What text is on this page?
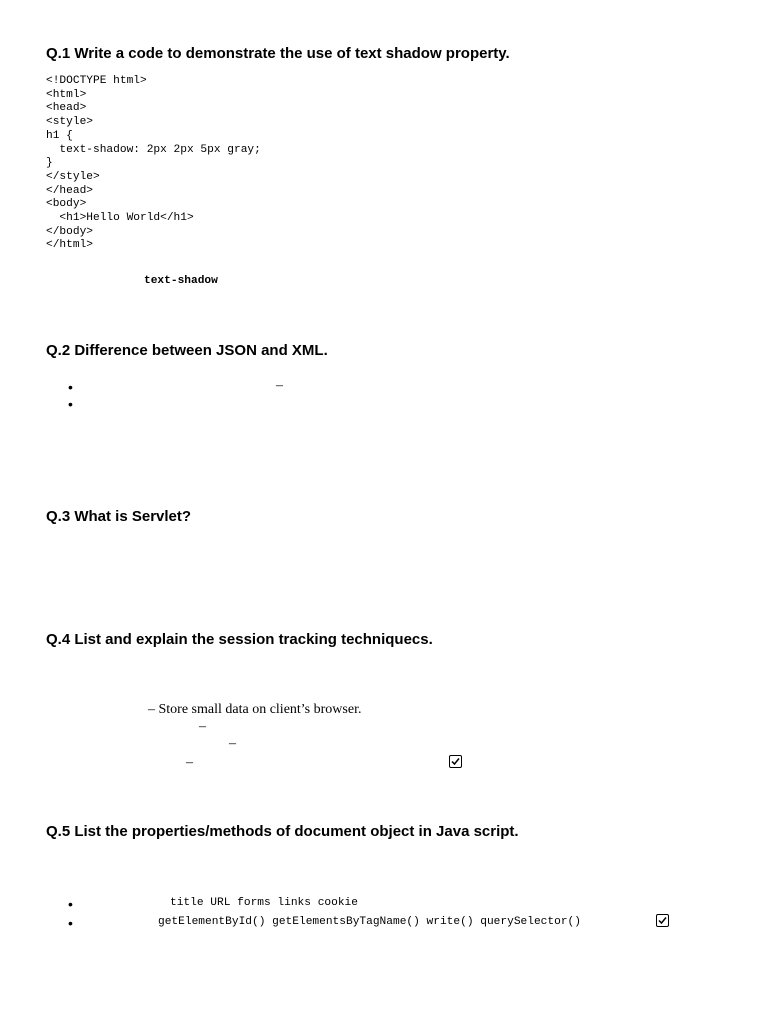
Q.1 Write a code to demonstrate the use of text shadow property.
<!DOCTYPE html>
<html>
<head>
<style>
h1 {
text-shadow: 2px 2px 5px gray;
}
</style>
</head>
<body>
<h1>Hello World</h1>
</body>
</html>
text-shadow
Q.2 Difference between JSON and XML.
•	–
•
Q.3 What is Servlet?
Q.4 List and explain the session tracking techniquecs.
– Store small data on client’s browser.
–
–
–
Q.5 List the properties/methods of document object in Java script.
•	title URL forms links cookie
•	getElementById() getElementsByTagName() write() querySelector()
